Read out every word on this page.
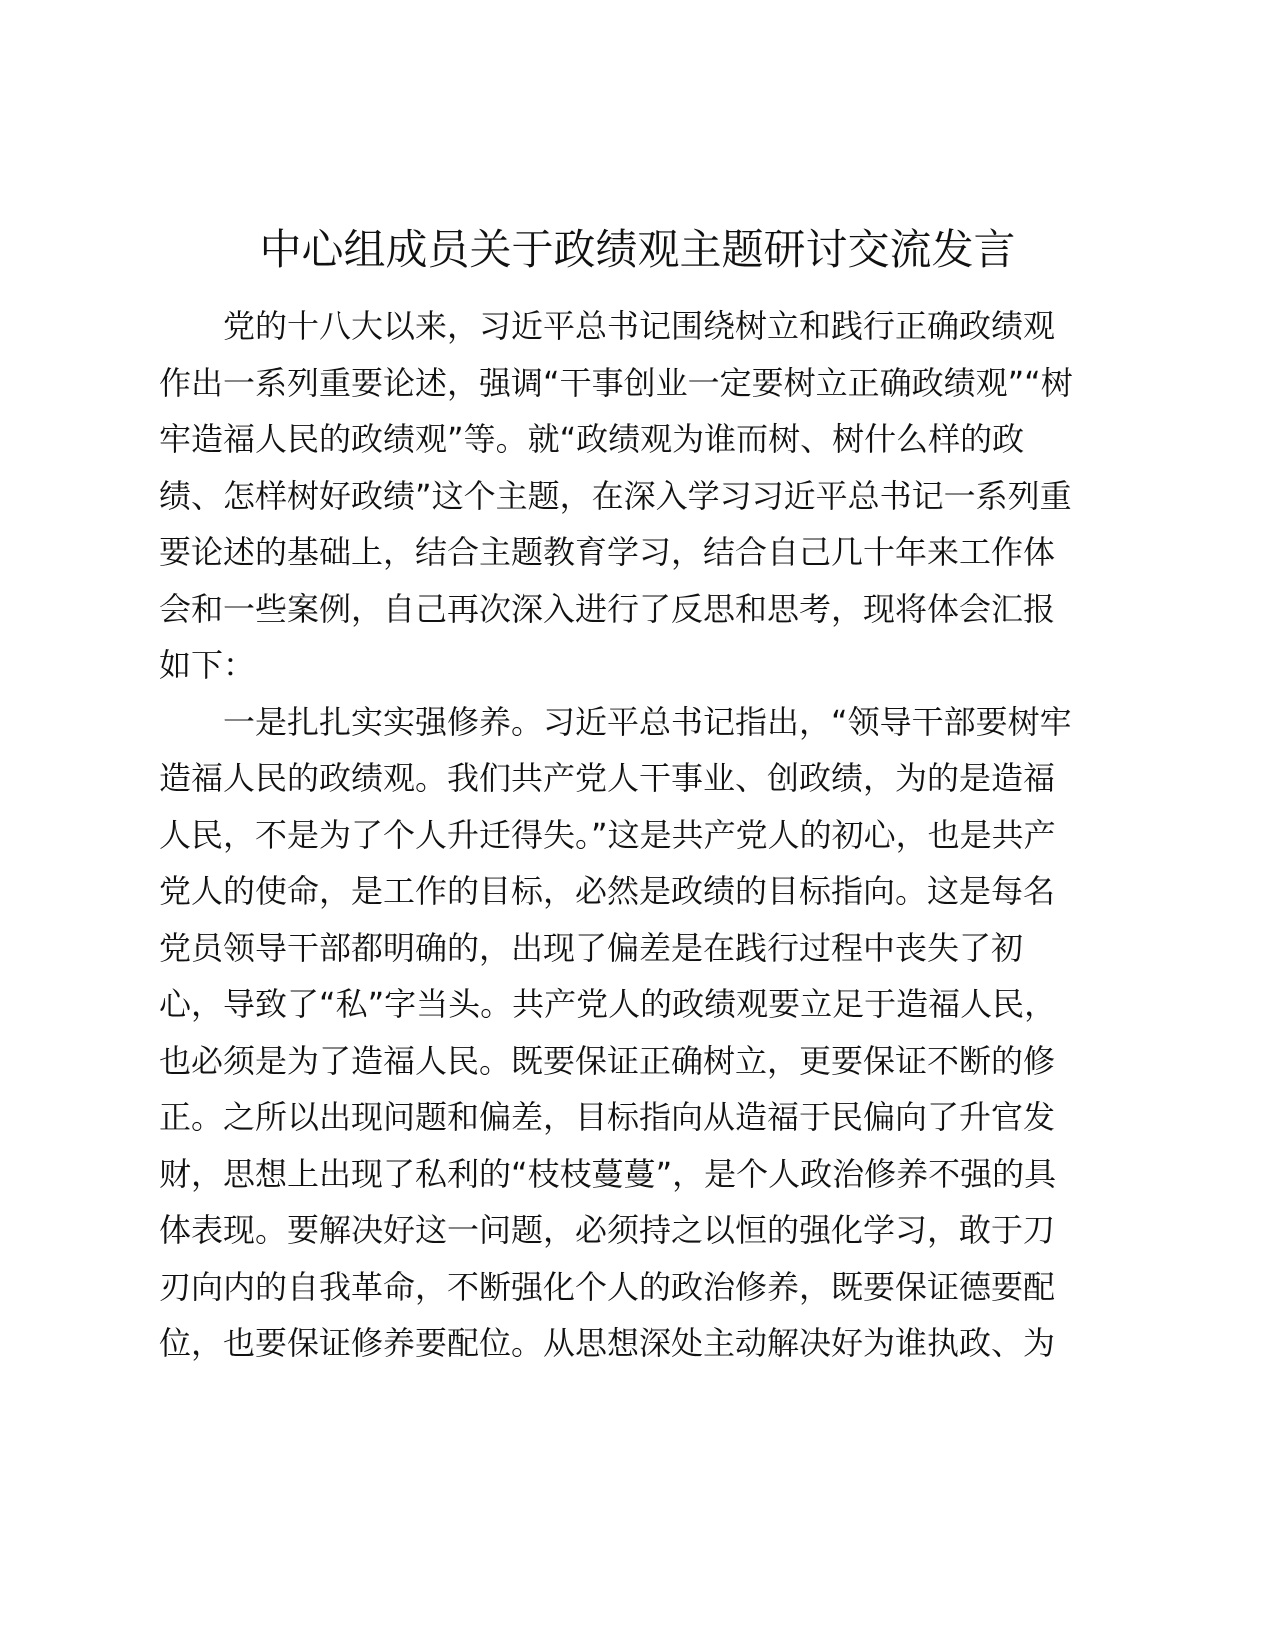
中心组成员关于政绩观主题研讨交流发言

党的十八大以来，习近平总书记围绕树立和践行正确政绩观

作出一系列重要论述，强调“干事创业一定要树立正确政绩观”“树

牢造福人民的政绩观”等。就“政绩观为谁而树、树什么样的政

绩、怎样树好政绩”这个主题，在深入学习习近平总书记一系列重

要论述的基础上，结合主题教育学习，结合自己几十年来工作体

会和一些案例，自己再次深入进行了反思和思考，现将体会汇报

如下：

一是扎扎实实强修养。习近平总书记指出，“领导干部要树牢

造福人民的政绩观。我们共产党人干事业、创政绩，为的是造福

人民，不是为了个人升迁得失。”这是共产党人的初心，也是共产

党人的使命，是工作的目标，必然是政绩的目标指向。这是每名

党员领导干部都明确的，出现了偏差是在践行过程中丧失了初

心，导致了“私”字当头。共产党人的政绩观要立足于造福人民，

也必须是为了造福人民。既要保证正确树立，更要保证不断的修

正。之所以出现问题和偏差，目标指向从造福于民偏向了升官发

财，思想上出现了私利的“枝枝蔓蔓”，是个人政治修养不强的具

体表现。要解决好这一问题，必须持之以恒的强化学习，敢于刀

刃向内的自我革命，不断强化个人的政治修养，既要保证德要配

位，也要保证修养要配位。从思想深处主动解决好为谁执政、为
